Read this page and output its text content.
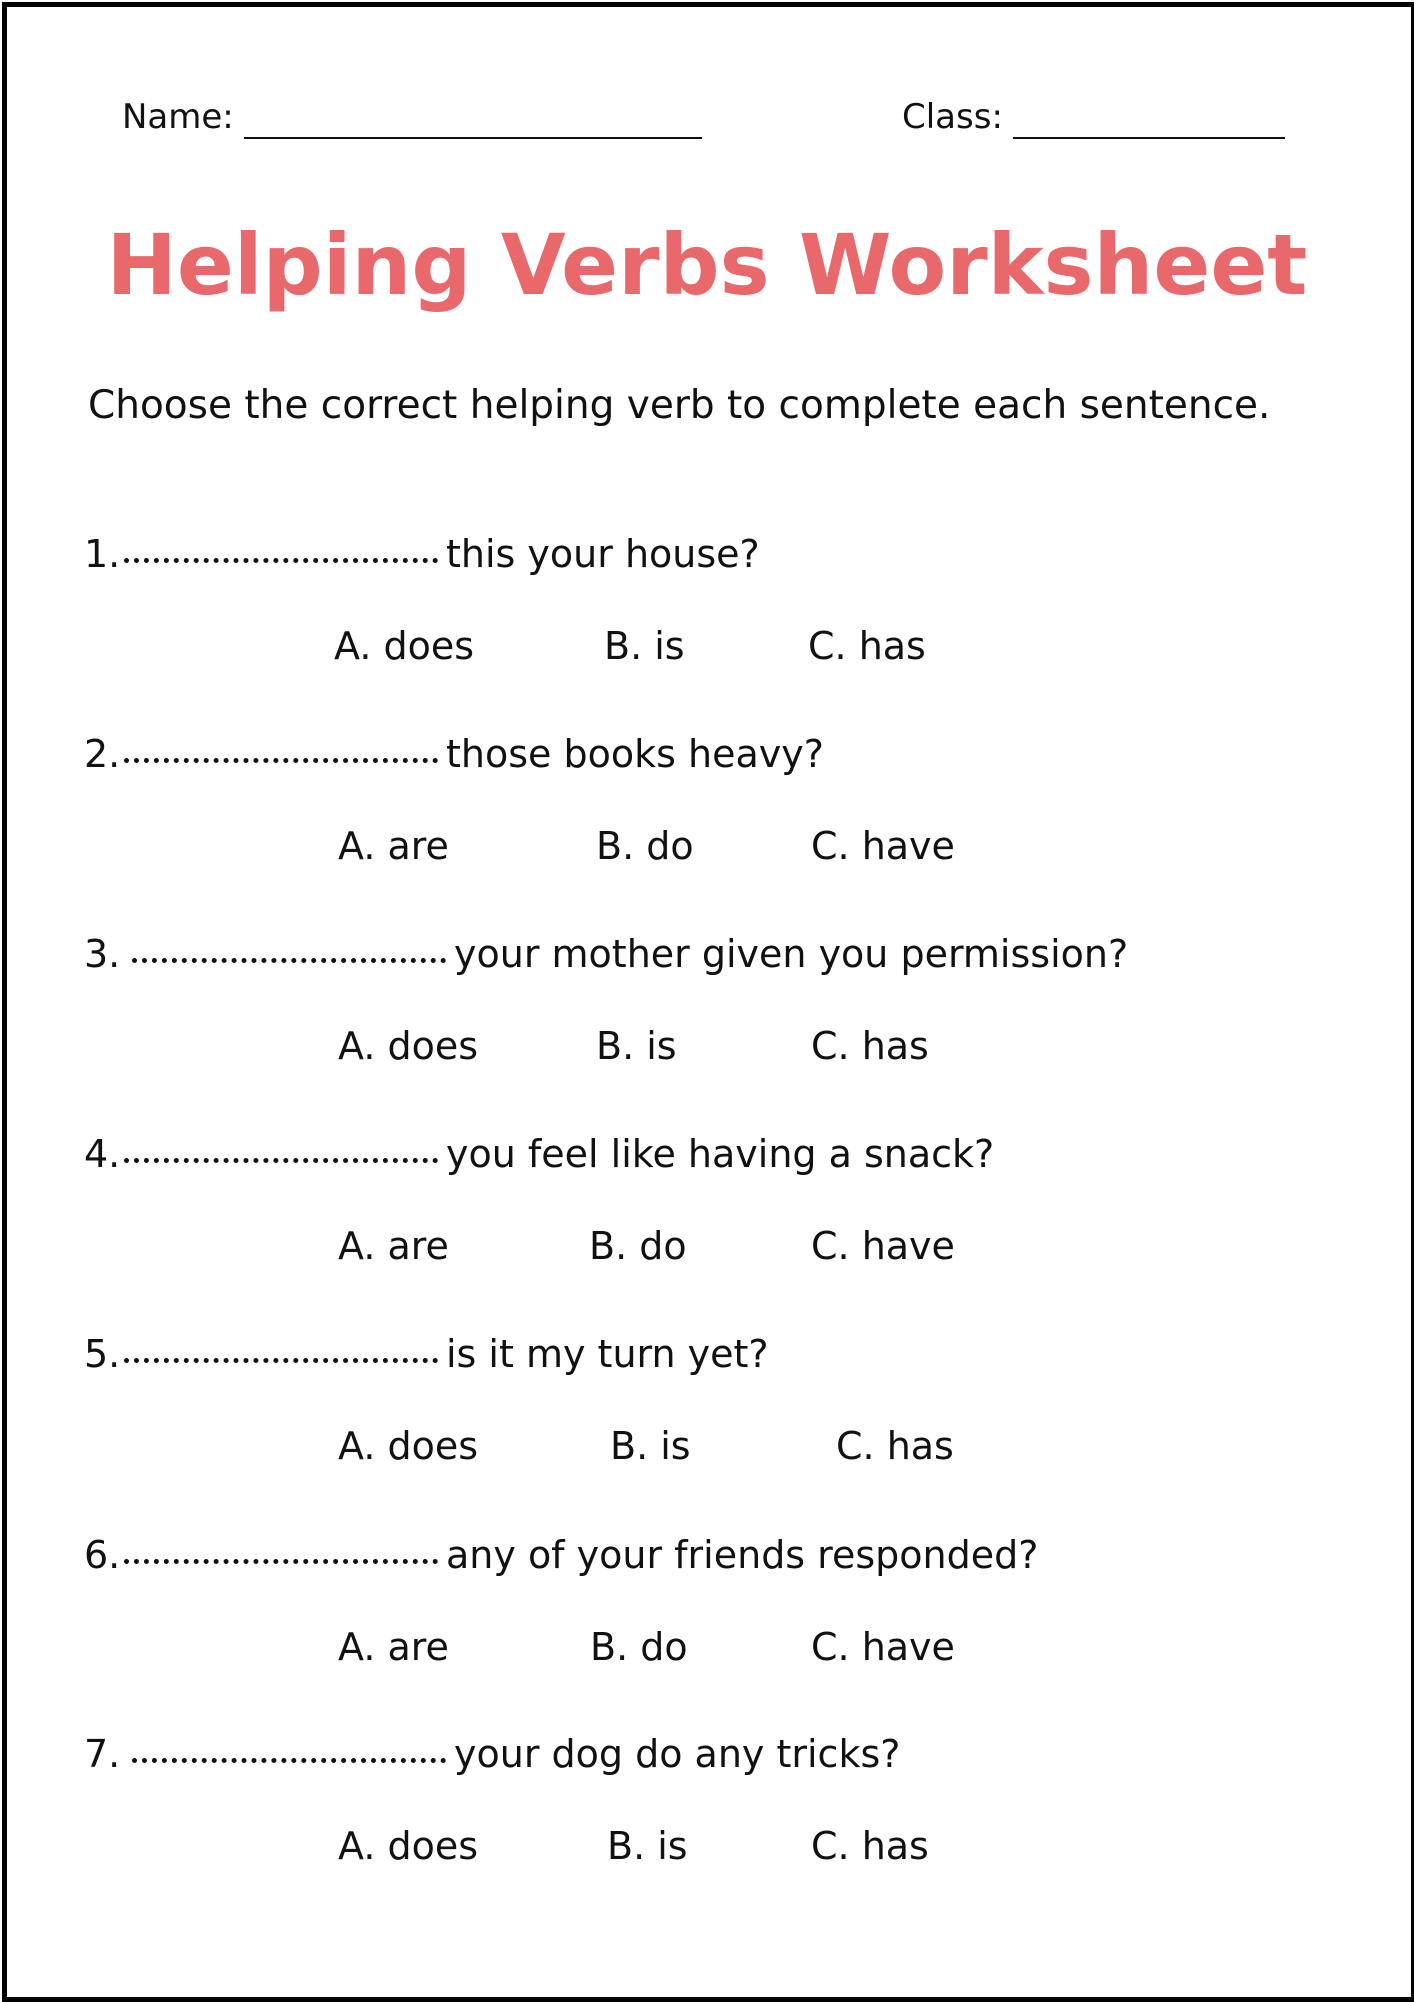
Name:	Class:
Helping Verbs Worksheet
Choose the correct helping verb to complete each sentence.
1.	this your house?
A. does	B. is	C. has
2.	those books heavy?
A. are	B. do	C. have
3.	your mother given you permission?
A. does	B. is	C. has
4.	you feel like having a snack?
A. are	B. do	C. have
5.	is it my turn yet?
A. does	B. is	C. has
6.	any of your friends responded?
A. are	B. do	C. have
7.	your dog do any tricks?
A. does	B. is	C. has
